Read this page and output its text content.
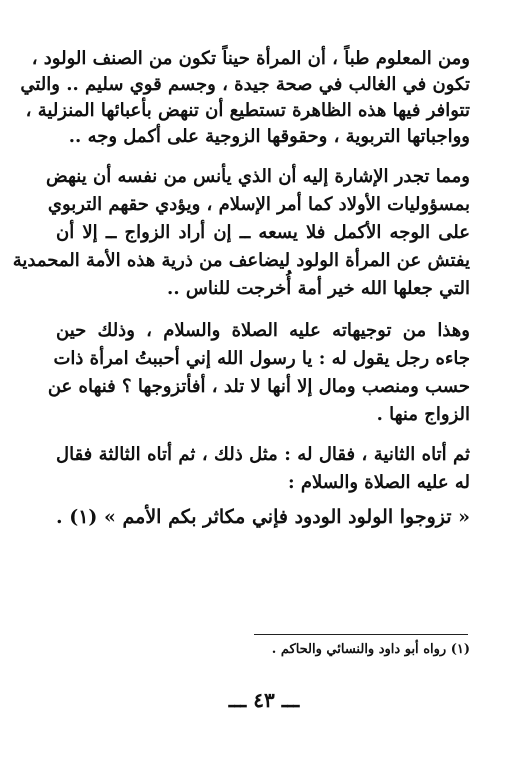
ومن المعلوم طباً ، أن المرأة حيناً تكون من الصنف الولود ،
تكون في الغالب في صحة جيدة ، وجسم قوي سليم .. والتي
تتوافر فيها هذه الظاهرة تستطيع أن تنهض بأعبائها المنزلية ،
وواجباتها التربوية ، وحقوقها الزوجية على أكمل وجه ..
ومما تجدر الإشارة إليه أن الذي يأنس من نفسه أن ينهض
بمسؤوليات الأولاد كما أمر الإسلام ، ويؤدي حقهم التربوي
على الوجه الأكمل فلا يسعه ــ إن أراد الزواج ــ إلا أن
يفتش عن المرأة الولود ليضاعف من ذرية هذه الأمة المحمدية
التي جعلها الله خير أمة أُخرجت للناس ..
وهذا من توجيهاته عليه الصلاة والسلام ، وذلك حين
جاءه رجل يقول له : يا رسول الله إني أحببتُ امرأة ذات
حسب ومنصب ومال إلا أنها لا تلد ، أفأتزوجها ؟ فنهاه عن
الزواج منها .
ثم أتاه الثانية ، فقال له : مثل ذلك ، ثم أتاه الثالثة فقال
له عليه الصلاة والسلام :
« تزوجوا الولود الودود فإني مكاثر بكم الأمم » (١) .
(١) رواه أبو داود والنسائي والحاكم .
ـــ ٤٣ ـــ
